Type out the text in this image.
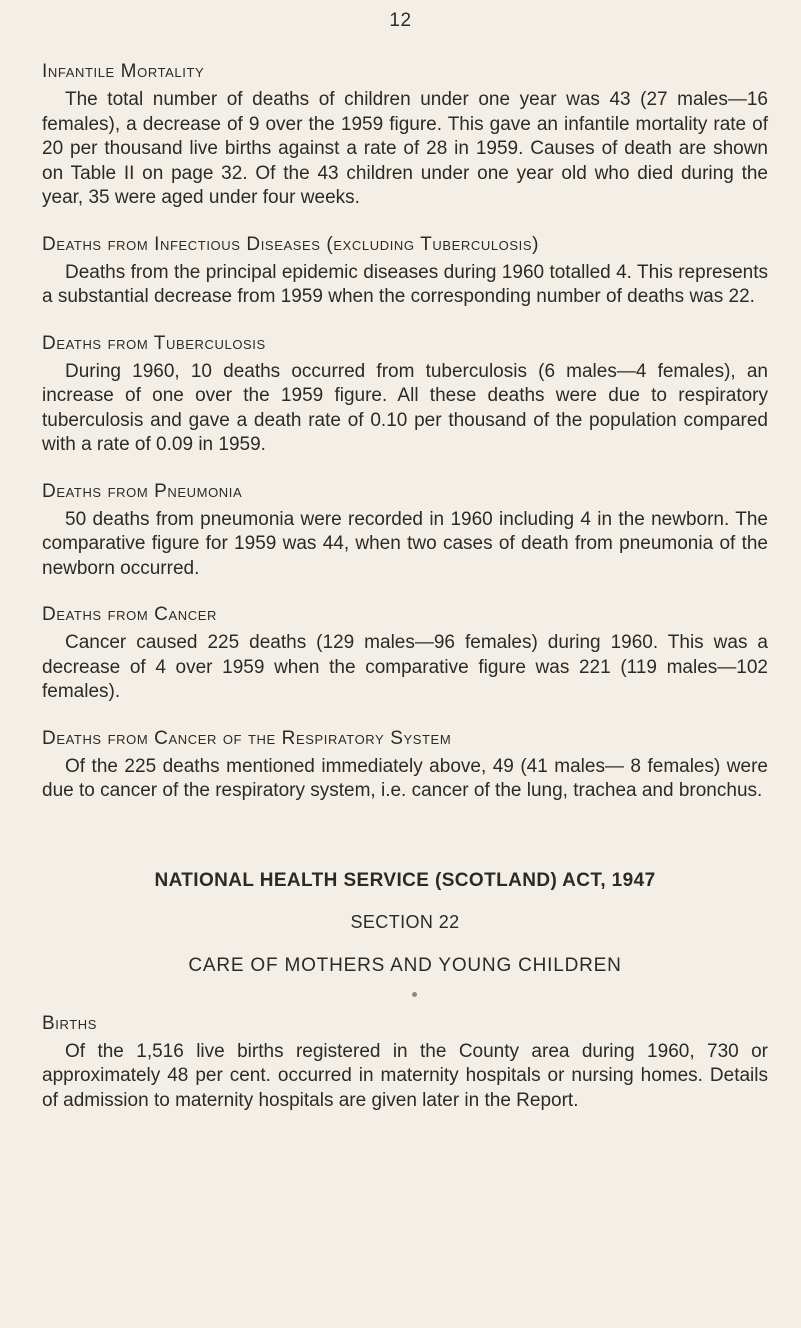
12
Infantile Mortality

The total number of deaths of children under one year was 43 (27 males—16 females), a decrease of 9 over the 1959 figure. This gave an infantile mortality rate of 20 per thousand live births against a rate of 28 in 1959. Causes of death are shown on Table II on page 32. Of the 43 children under one year old who died during the year, 35 were aged under four weeks.

Deaths from Infectious Diseases (excluding Tuberculosis)

Deaths from the principal epidemic diseases during 1960 totalled 4. This represents a substantial decrease from 1959 when the corresponding number of deaths was 22.

Deaths from Tuberculosis

During 1960, 10 deaths occurred from tuberculosis (6 males—4 females), an increase of one over the 1959 figure. All these deaths were due to respiratory tuberculosis and gave a death rate of 0.10 per thousand of the population compared with a rate of 0.09 in 1959.

Deaths from Pneumonia

50 deaths from pneumonia were recorded in 1960 including 4 in the newborn. The comparative figure for 1959 was 44, when two cases of death from pneumonia of the newborn occurred.

Deaths from Cancer

Cancer caused 225 deaths (129 males—96 females) during 1960. This was a decrease of 4 over 1959 when the comparative figure was 221 (119 males—102 females).

Deaths from Cancer of the Respiratory System

Of the 225 deaths mentioned immediately above, 49 (41 males— 8 females) were due to cancer of the respiratory system, i.e. cancer of the lung, trachea and bronchus.

NATIONAL HEALTH SERVICE (SCOTLAND) ACT, 1947
SECTION 22
CARE OF MOTHERS AND YOUNG CHILDREN
Births

Of the 1,516 live births registered in the County area during 1960, 730 or approximately 48 per cent. occurred in maternity hospitals or nursing homes. Details of admission to maternity hospitals are given later in the Report.
